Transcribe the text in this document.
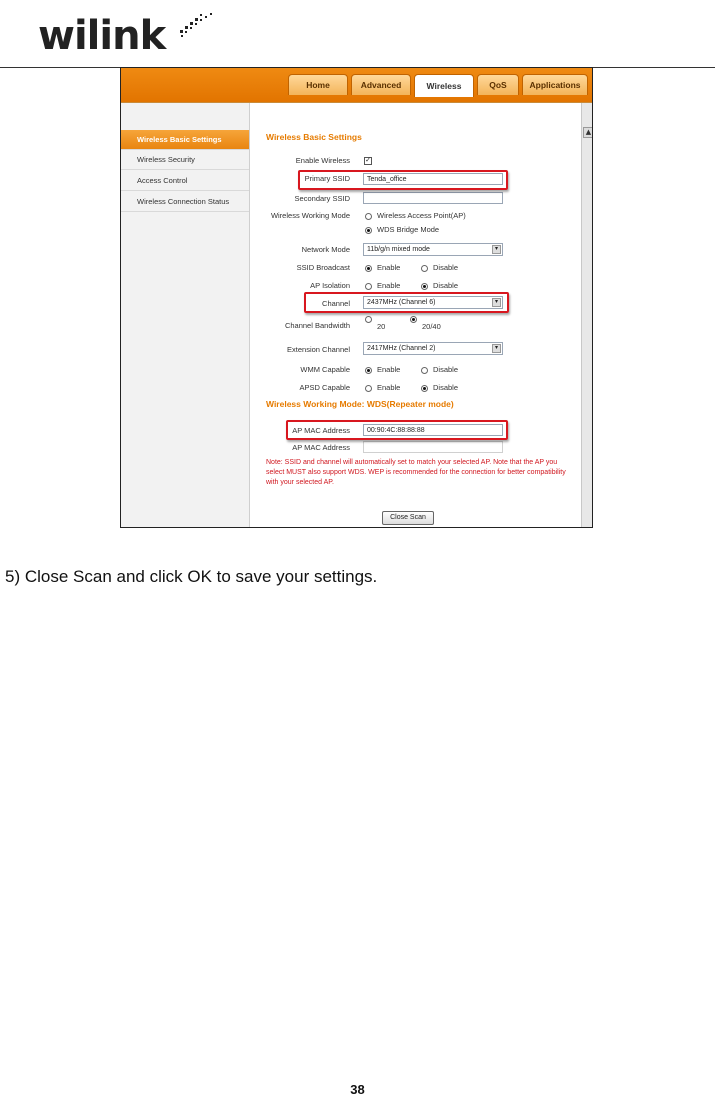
wilink
Home	Advanced	Wireless	QoS	Applications
Wireless Basic Settings
Wireless Security
Access Control
Wireless Connection Status
Wireless Basic Settings
Enable Wireless ✓
Primary SSID	Tenda_office
Secondary SSID
Wireless Working Mode	Wireless Access Point(AP)
WDS Bridge Mode
Network Mode	11b/g/n mixed mode	▾
SSID Broadcast	Enable	Disable
AP Isolation	Enable	Disable
Channel	2437MHz (Channel 6)	▾
Channel Bandwidth	20	20/40
Extension Channel	2417MHz (Channel 2)	▾
WMM Capable	Enable	Disable
APSD Capable	Enable	Disable
Wireless Working Mode: WDS(Repeater mode)
AP MAC Address	00:90:4C:88:88:88
AP MAC Address
Note: SSID and channel will automatically set to match your selected AP. Note that the AP you select MUST also support WDS. WEP is recommended for the connection for better compatibility with your selected AP.
Close Scan
▲
5) Close Scan and click OK to save your settings.
38
